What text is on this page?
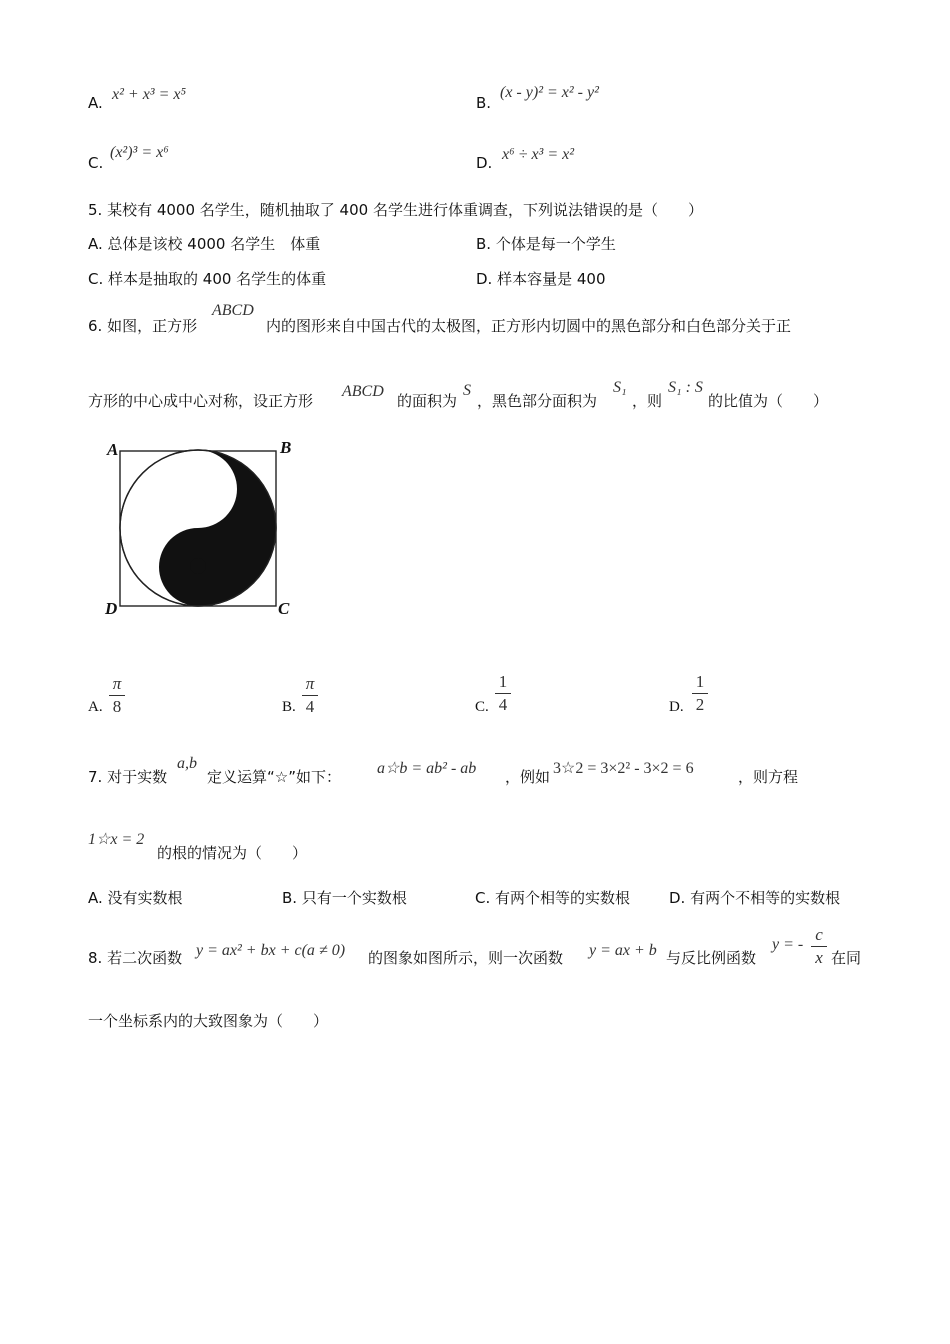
A. x² + x³ = x⁵	B.
(x - y)² = x² - y²
C.
(x²)³ = x⁶
D. x⁶ ÷ x³ = x²
5. 某校有 4000 名学生，随机抽取了 400 名学生进行体重调查，下列说法错误的是（　　）
A. 总体是该校 4000 名学生　体重	B. 个体是每一个学生
C. 样本是抽取的 400 名学生的体重	D. 样本容量是 400
6. 如图，正方形
ABCD
内的图形来自中国古代的太极图，正方形内切圆中的黑色部分和白色部分关于正
方形的中心成中心对称，设正方形
ABCD
的面积为
S
，黑色部分面积为
S₁
，则
S₁ : S
的比值为（　　）
A	B
D	C
A.
π
8	B.
π
4	C.
1
4	D.
1
2
7. 对于实数
a,b
定义运算“☆”如下： a☆b = ab² - ab ，例如 3☆2 = 3×2² - 3×2 = 6	，则方程
1☆x = 2
的根的情况为（　　）
A. 没有实数根	B. 只有一个实数根	C. 有两个相等的实数根	D. 有两个不相等的实数根
8. 若二次函数 y = ax² + bx + c(a ≠ 0) 的图象如图所示，则一次函数 y = ax + b 与反比例函数
y = -
c
x 在同
一个坐标系内的大致图象为（　　）
